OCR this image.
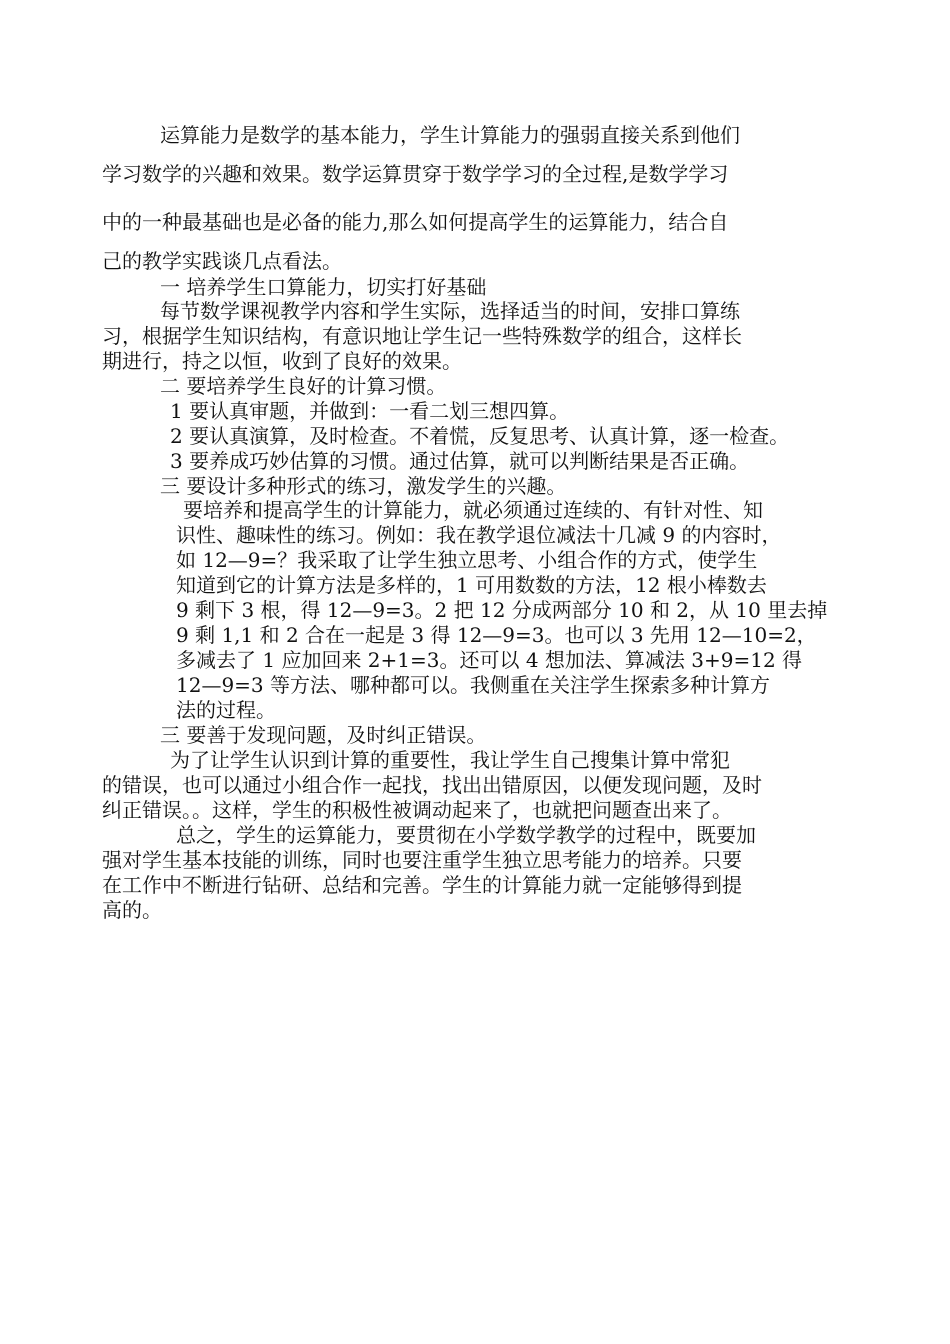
运算能力是数学的基本能力，学生计算能力的强弱直接关系到他们
学习数学的兴趣和效果。数学运算贯穿于数学学习的全过程,是数学学习
中的一种最基础也是必备的能力,那么如何提高学生的运算能力，结合自
己的教学实践谈几点看法。
一 培养学生口算能力，切实打好基础
每节数学课视教学内容和学生实际，选择适当的时间，安排口算练
习，根据学生知识结构，有意识地让学生记一些特殊数学的组合，这样长
期进行，持之以恒，收到了良好的效果。
二 要培养学生良好的计算习惯。
1 要认真审题，并做到：一看二划三想四算。
2 要认真演算，及时检查。不着慌，反复思考、认真计算，逐一检查。
3 要养成巧妙估算的习惯。通过估算，就可以判断结果是否正确。
三 要设计多种形式的练习，激发学生的兴趣。
要培养和提高学生的计算能力，就必须通过连续的、有针对性、知
识性、趣味性的练习。例如：我在教学退位减法十几减 9 的内容时，
如 12—9=？我采取了让学生独立思考、小组合作的方式，使学生
知道到它的计算方法是多样的，1 可用数数的方法，12 根小棒数去
9 剩下 3 根，得 12—9=3。2 把 12 分成两部分 10 和 2，从 10 里去掉
9 剩 1,1 和 2 合在一起是 3 得 12—9=3。也可以 3 先用 12—10=2，
多减去了 1 应加回来 2+1=3。还可以 4 想加法、算减法 3+9=12 得
12—9=3 等方法、哪种都可以。我侧重在关注学生探索多种计算方
法的过程。
三 要善于发现问题，及时纠正错误。
为了让学生认识到计算的重要性，我让学生自己搜集计算中常犯
的错误，也可以通过小组合作一起找，找出出错原因，以便发现问题，及时
纠正错误。。这样，学生的积极性被调动起来了，也就把问题查出来了。
总之，学生的运算能力，要贯彻在小学数学教学的过程中，既要加
强对学生基本技能的训练，同时也要注重学生独立思考能力的培养。只要
在工作中不断进行钻研、总结和完善。学生的计算能力就一定能够得到提
高的。
